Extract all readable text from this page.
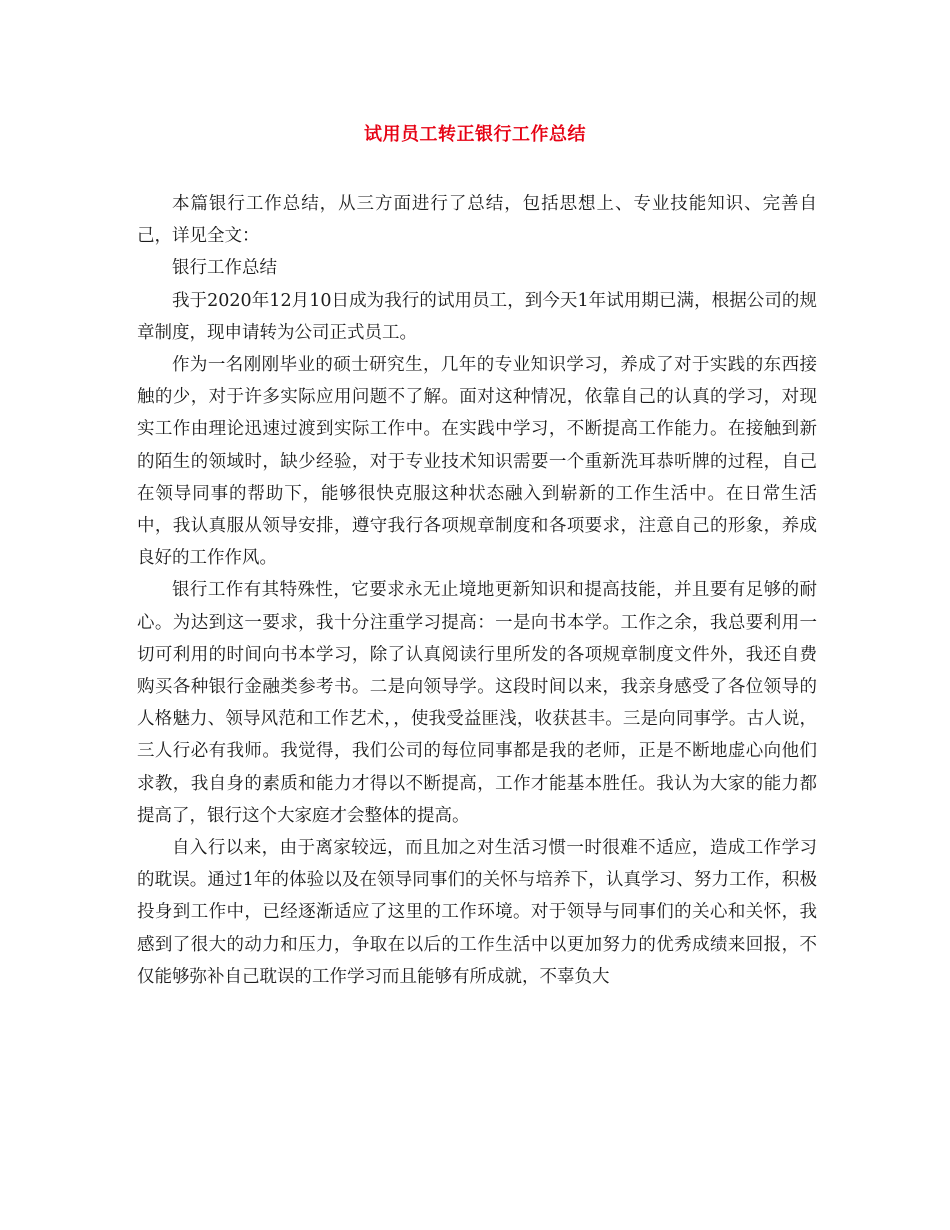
试用员工转正银行工作总结

本篇银行工作总结，从三方面进行了总结，包括思想上、专业技能知识、完善自己，详见全文：

银行工作总结

我于2020年12月10日成为我行的试用员工，到今天1年试用期已满，根据公司的规章制度，现申请转为公司正式员工。

作为一名刚刚毕业的硕士研究生，几年的专业知识学习，养成了对于实践的东西接触的少，对于许多实际应用问题不了解。面对这种情况，依靠自己的认真的学习，对现实工作由理论迅速过渡到实际工作中。在实践中学习，不断提高工作能力。在接触到新的陌生的领域时，缺少经验，对于专业技术知识需要一个重新洗耳恭听牌的过程，自己在领导同事的帮助下，能够很快克服这种状态融入到崭新的工作生活中。在日常生活中，我认真服从领导安排，遵守我行各项规章制度和各项要求，注意自己的形象，养成良好的工作作风。

银行工作有其特殊性，它要求永无止境地更新知识和提高技能，并且要有足够的耐心。为达到这一要求，我十分注重学习提高：一是向书本学。工作之余，我总要利用一切可利用的时间向书本学习，除了认真阅读行里所发的各项规章制度文件外，我还自费购买各种银行金融类参考书。二是向领导学。这段时间以来，我亲身感受了各位领导的人格魅力、领导风范和工作艺术，，使我受益匪浅，收获甚丰。三是向同事学。古人说，三人行必有我师。我觉得，我们公司的每位同事都是我的老师，正是不断地虚心向他们求教，我自身的素质和能力才得以不断提高，工作才能基本胜任。我认为大家的能力都提高了，银行这个大家庭才会整体的提高。

自入行以来，由于离家较远，而且加之对生活习惯一时很难不适应，造成工作学习的耽误。通过1年的体验以及在领导同事们的关怀与培养下，认真学习、努力工作，积极投身到工作中，已经逐渐适应了这里的工作环境。对于领导与同事们的关心和关怀，我感到了很大的动力和压力，争取在以后的工作生活中以更加努力的优秀成绩来回报，不仅能够弥补自己耽误的工作学习而且能够有所成就，不辜负大
